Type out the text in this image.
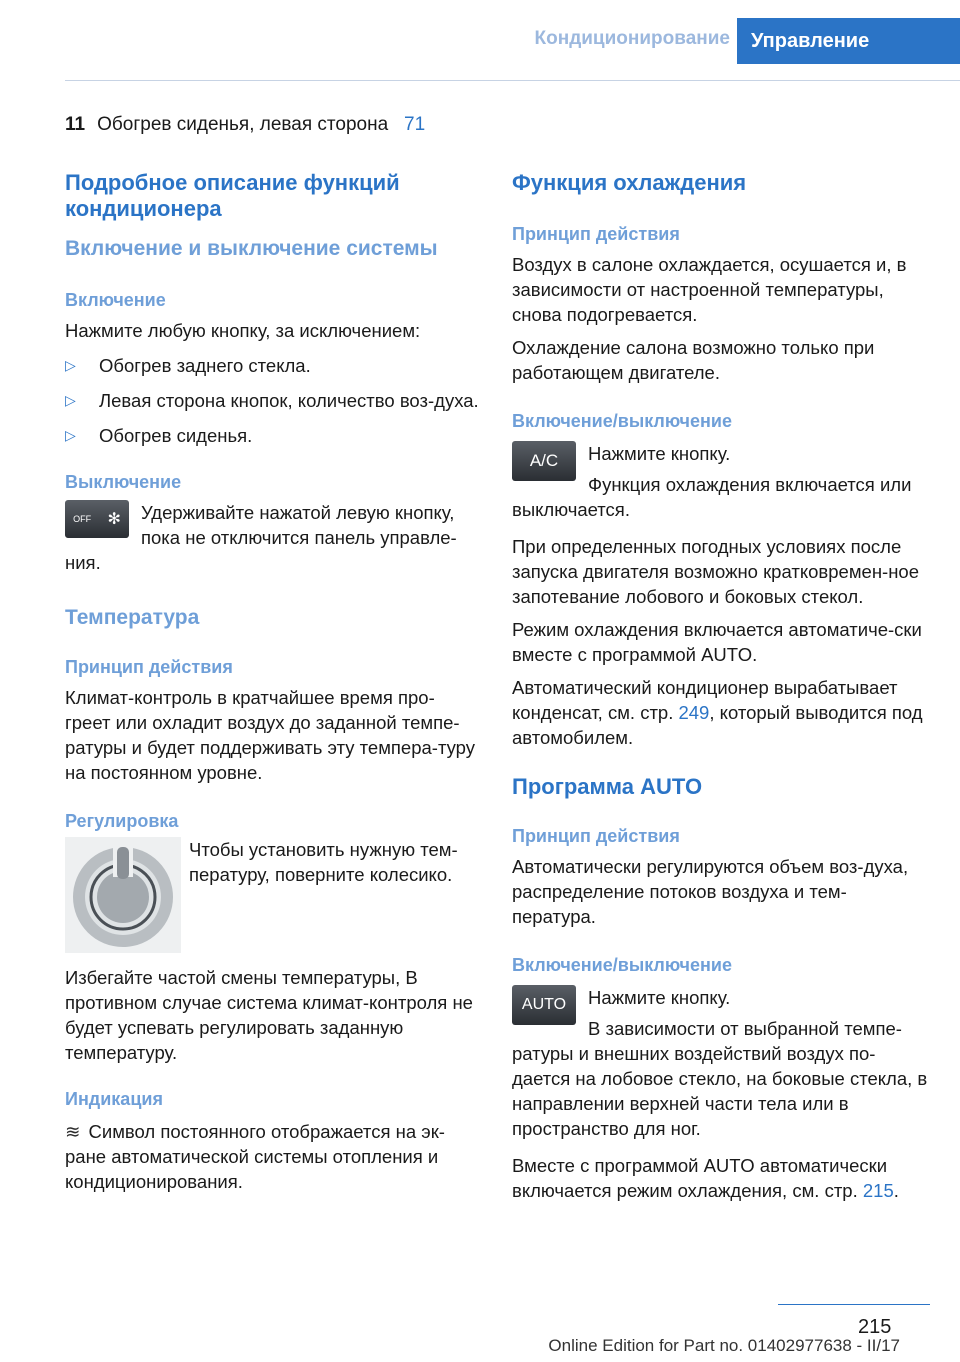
Кондиционирование	Управление
11 Обогрев сиденья, левая сторона 71
Подробное описание функций кондиционера
Включение и выключение системы
Включение

Нажмите любую кнопку, за исключением:

▷ Обогрев заднего стекла.
▷ Левая сторона кнопок, количество воз-духа.
▷ Обогрев сиденья.
Выключение
OFF ✻	Удерживайте нажатой левую кнопку, пока не отключится панель управле-ния.

Температура
Принцип действия

Климат-контроль в кратчайшее время про-греет или охладит воздух до заданной темпе-ратуры и будет поддерживать эту темпера-туру на постоянном уровне.

Регулировка

Чтобы установить нужную тем-пературу, поверните колесико.

Избегайте частой смены температуры, В противном случае система климат-контроля не будет успевать регулировать заданную температуру.

Индикация

≋ Символ постоянного отображается на эк-ране автоматической системы отопления и кондиционирования.

Функция охлаждения
Принцип действия

Воздух в салоне охлаждается, осушается и, в зависимости от настроенной температуры, снова подогревается.

Охлаждение салона возможно только при работающем двигателе.

Включение/выключение
A/C	Нажмите кнопку.

Функция охлаждения включается или выключается.

При определенных погодных условиях после запуска двигателя возможно кратковремен-ное запотевание лобового и боковых стекол.

Режим охлаждения включается автоматиче-ски вместе с программой AUTO.

Автоматический кондиционер вырабатывает конденсат, см. стр. 249, который выводится под автомобилем.

Программа AUTO
Принцип действия

Автоматически регулируются объем воз-духа, распределение потоков воздуха и тем-пература.

Включение/выключение
AUTO	Нажмите кнопку.

В зависимости от выбранной темпе-ратуры и внешних воздействий воздух по-дается на лобовое стекло, на боковые стекла, в направлении верхней части тела или в пространство для ног.

Вместе с программой AUTO автоматически включается режим охлаждения, см. стр. 215.

215
Online Edition for Part no. 01402977638 - II/17
